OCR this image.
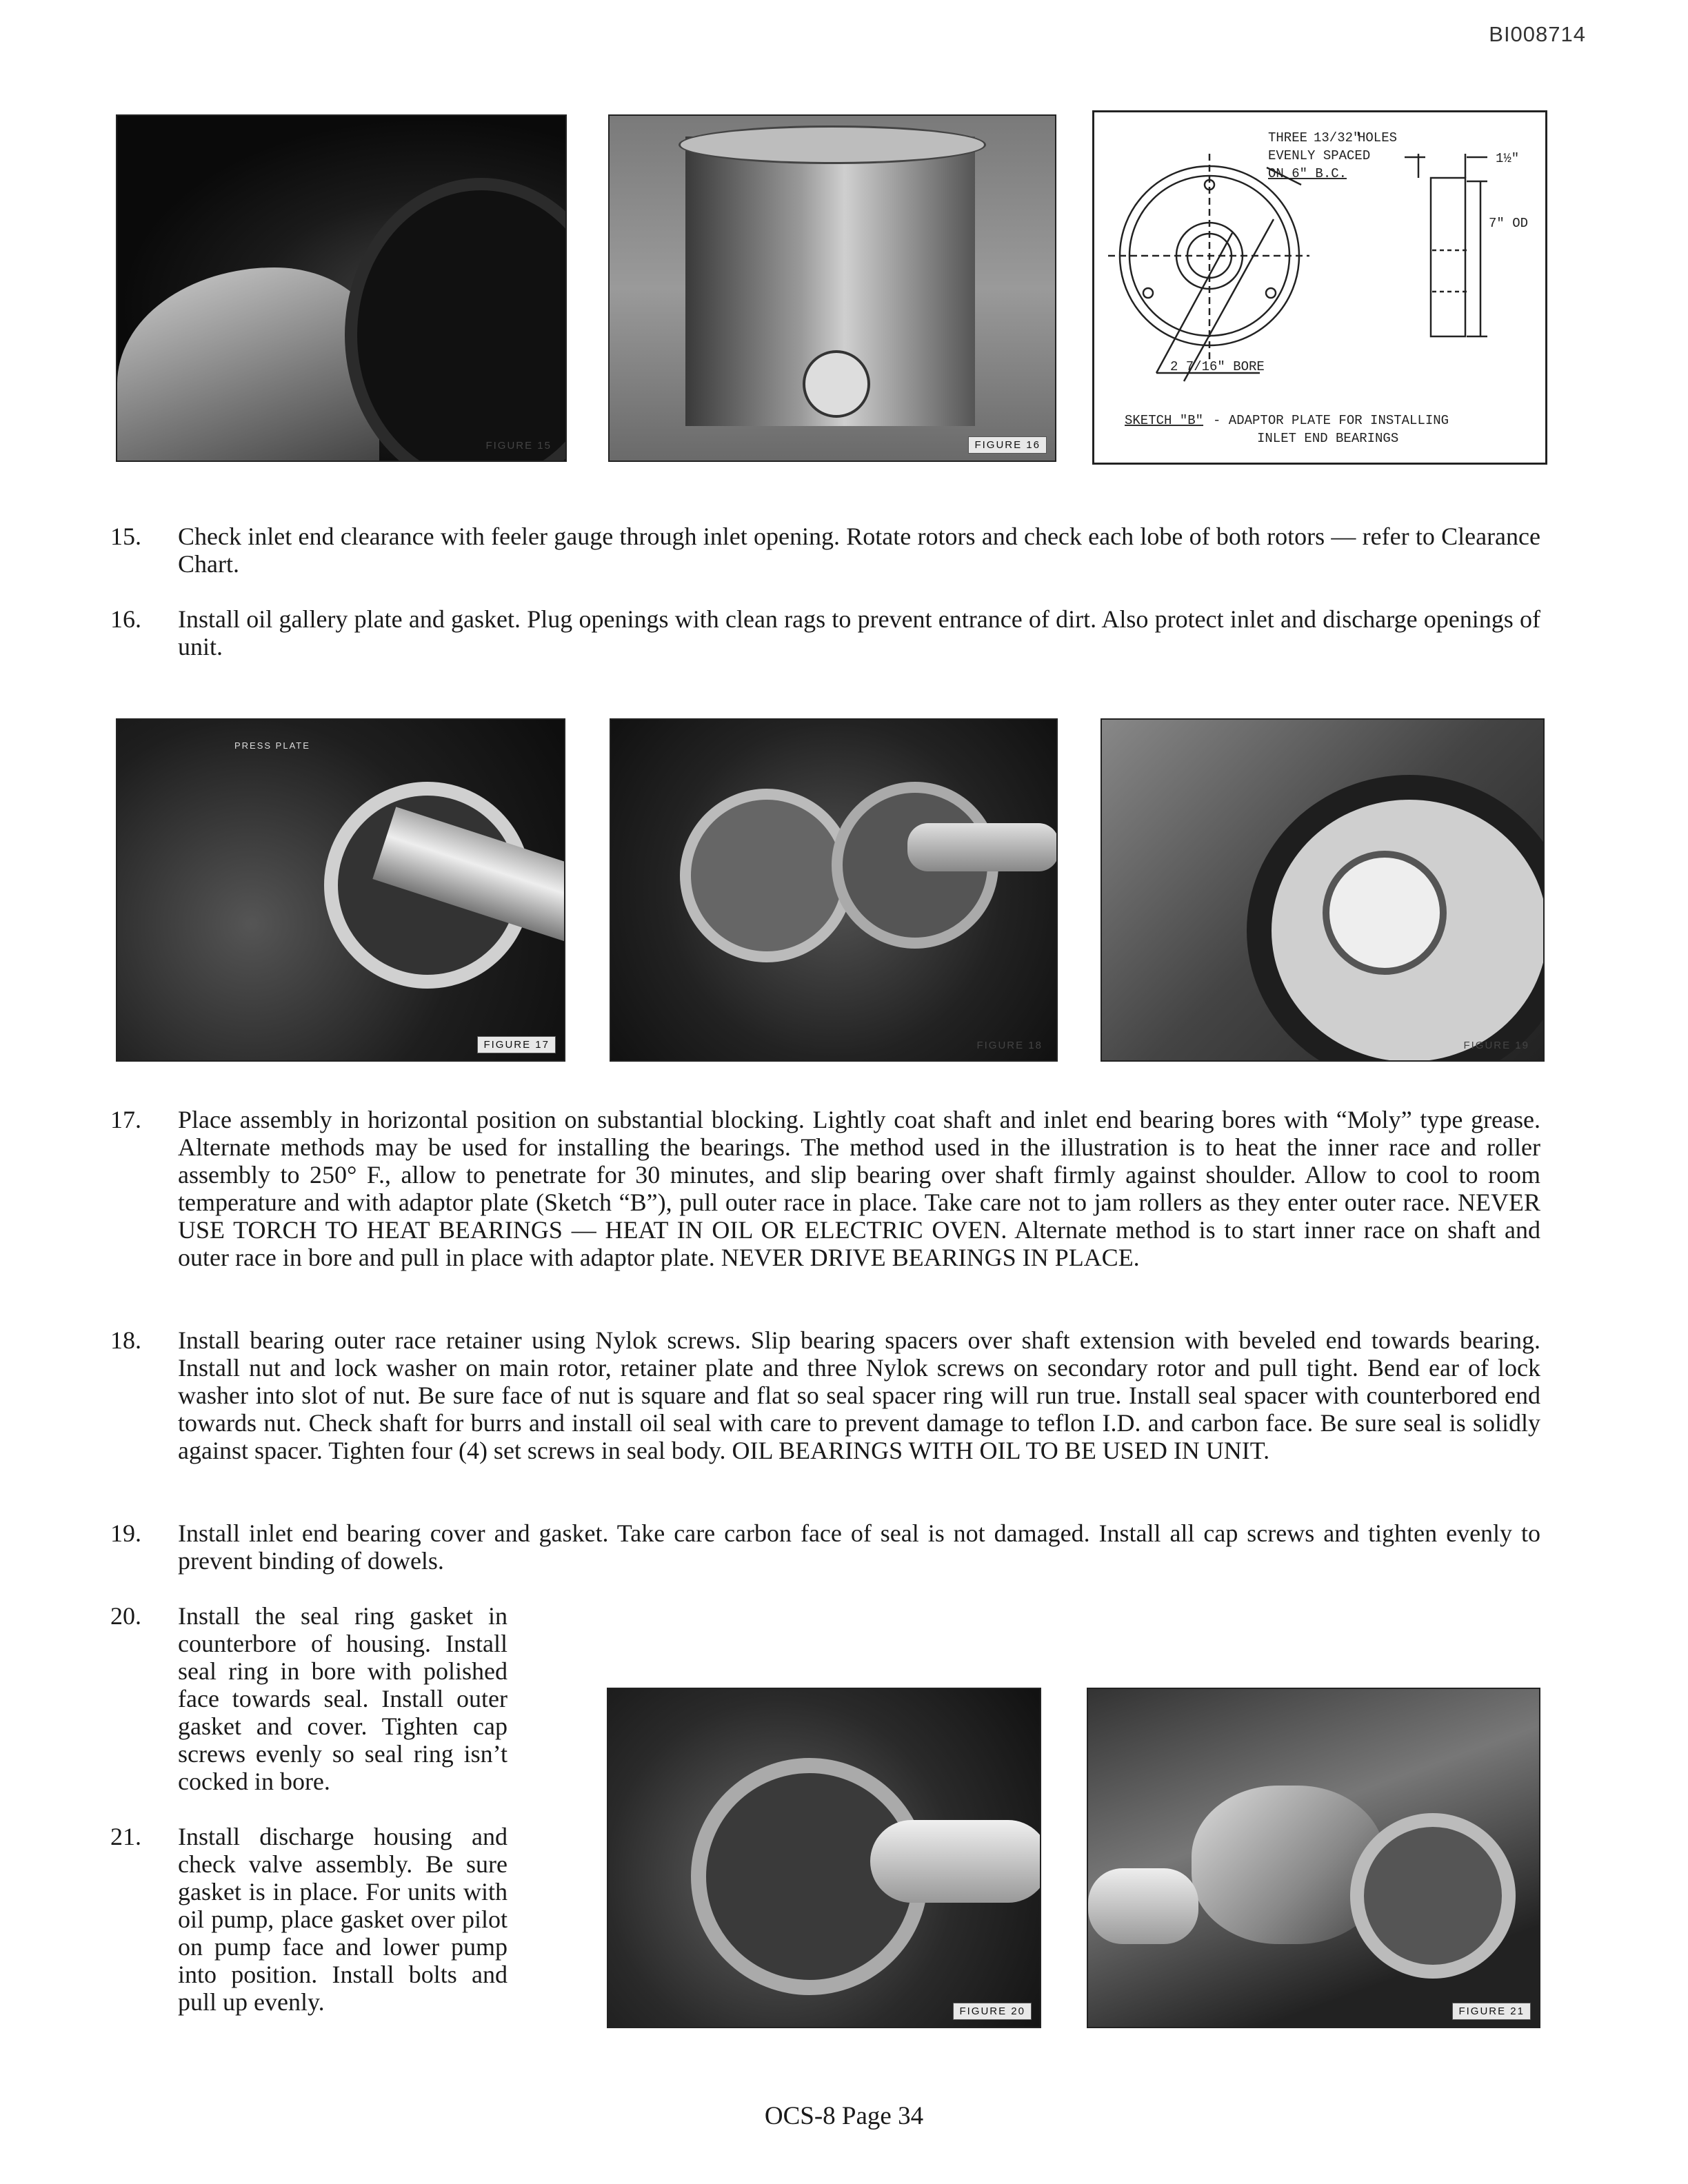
BI008714
FIGURE 15	FIGURE 16
THREE 13/32"
HOLES
EVENLY SPACED
ON 6" B.C.
1½"
7" OD
2 7/16" BORE
SKETCH "B" - ADAPTOR PLATE FOR INSTALLING
INLET END BEARINGS
15.	Check inlet end clearance with feeler gauge through inlet opening. Rotate rotors and check each lobe of both rotors — refer to Clearance Chart.
16.	Install oil gallery plate and gasket. Plug openings with clean rags to prevent entrance of dirt. Also protect inlet and discharge openings of unit.
PRESS PLATE
FIGURE 17	FIGURE 18	FIGURE 19
17.	Place assembly in horizontal position on substantial blocking. Lightly coat shaft and inlet end bearing bores with “Moly” type grease. Alternate methods may be used for installing the bearings. The method used in the illustration is to heat the inner race and roller assembly to 250° F., allow to penetrate for 30 minutes, and slip bearing over shaft firmly against shoulder. Allow to cool to room temperature and with adaptor plate (Sketch “B”), pull outer race in place. Take care not to jam rollers as they enter outer race. NEVER USE TORCH TO HEAT BEARINGS — HEAT IN OIL OR ELECTRIC OVEN. Alternate method is to start inner race on shaft and outer race in bore and pull in place with adaptor plate. NEVER DRIVE BEARINGS IN PLACE.
18.	Install bearing outer race retainer using Nylok screws. Slip bearing spacers over shaft extension with beveled end towards bearing. Install nut and lock washer on main rotor, retainer plate and three Nylok screws on secondary rotor and pull tight. Bend ear of lock washer into slot of nut. Be sure face of nut is square and flat so seal spacer ring will run true. Install seal spacer with counterbored end towards nut. Check shaft for burrs and install oil seal with care to prevent damage to teflon I.D. and carbon face. Be sure seal is solidly against spacer. Tighten four (4) set screws in seal body. OIL BEARINGS WITH OIL TO BE USED IN UNIT.
19.	Install inlet end bearing cover and gasket. Take care carbon face of seal is not damaged. Install all cap screws and tighten evenly to prevent binding of dowels.
20.	Install the seal ring gasket in counterbore of housing. Install seal ring in bore with polished face towards seal. Install outer gasket and cover. Tighten cap screws evenly so seal ring isn’t cocked in bore.
21.	Install discharge housing and check valve assembly. Be sure gasket is in place. For units with oil pump, place gasket over pilot on pump face and lower pump into position. Install bolts and pull up evenly.	FIGURE 20	FIGURE 21
OCS-8 Page 34
